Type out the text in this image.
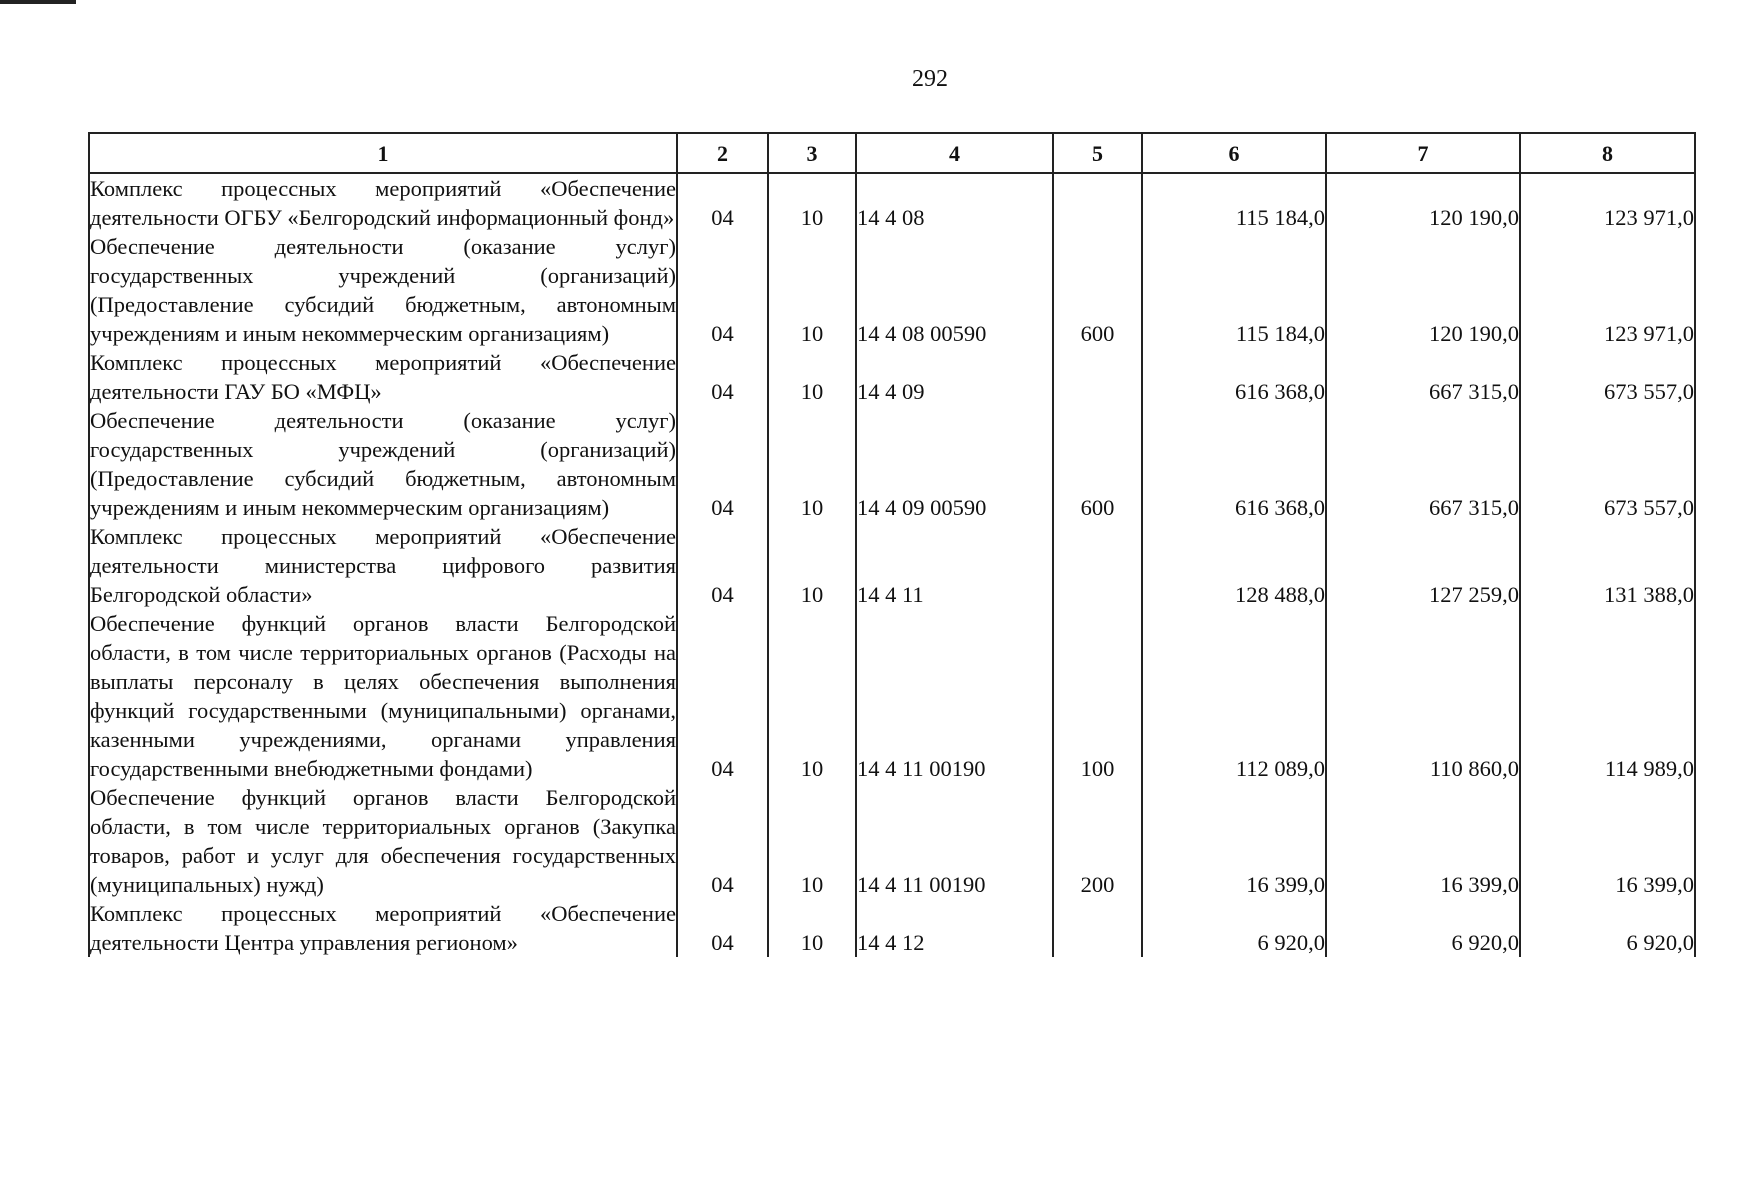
292
1	2	3	4	5	6	7	8
Комплекс процессных мероприятий «Обеспечение деятельности ОГБУ «Белгородский информационный фонд»	04	10	14 4 08		115 184,0	120 190,0	123 971,0
Обеспечение деятельности (оказание услуг) государственных учреждений (организаций) (Предоставление субсидий бюджетным, автономным учреждениям и иным некоммерческим организациям)	04	10	14 4 08 00590	600	115 184,0	120 190,0	123 971,0
Комплекс процессных мероприятий «Обеспечение деятельности ГАУ БО «МФЦ»	04	10	14 4 09		616 368,0	667 315,0	673 557,0
Обеспечение деятельности (оказание услуг) государственных учреждений (организаций) (Предоставление субсидий бюджетным, автономным учреждениям и иным некоммерческим организациям)	04	10	14 4 09 00590	600	616 368,0	667 315,0	673 557,0
Комплекс процессных мероприятий «Обеспечение деятельности министерства цифрового развития Белгородской области»	04	10	14 4 11		128 488,0	127 259,0	131 388,0
Обеспечение функций органов власти Белгородской области, в том числе территориальных органов (Расходы на выплаты персоналу в целях обеспечения выполнения функций государственными (муниципальными) органами, казенными учреждениями, органами управления государственными внебюджетными фондами)	04	10	14 4 11 00190	100	112 089,0	110 860,0	114 989,0
Обеспечение функций органов власти Белгородской области, в том числе территориальных органов (Закупка товаров, работ и услуг для обеспечения государственных (муниципальных) нужд)	04	10	14 4 11 00190	200	16 399,0	16 399,0	16 399,0
Комплекс процессных мероприятий «Обеспечение деятельности Центра управления регионом»	04	10	14 4 12		6 920,0	6 920,0	6 920,0
